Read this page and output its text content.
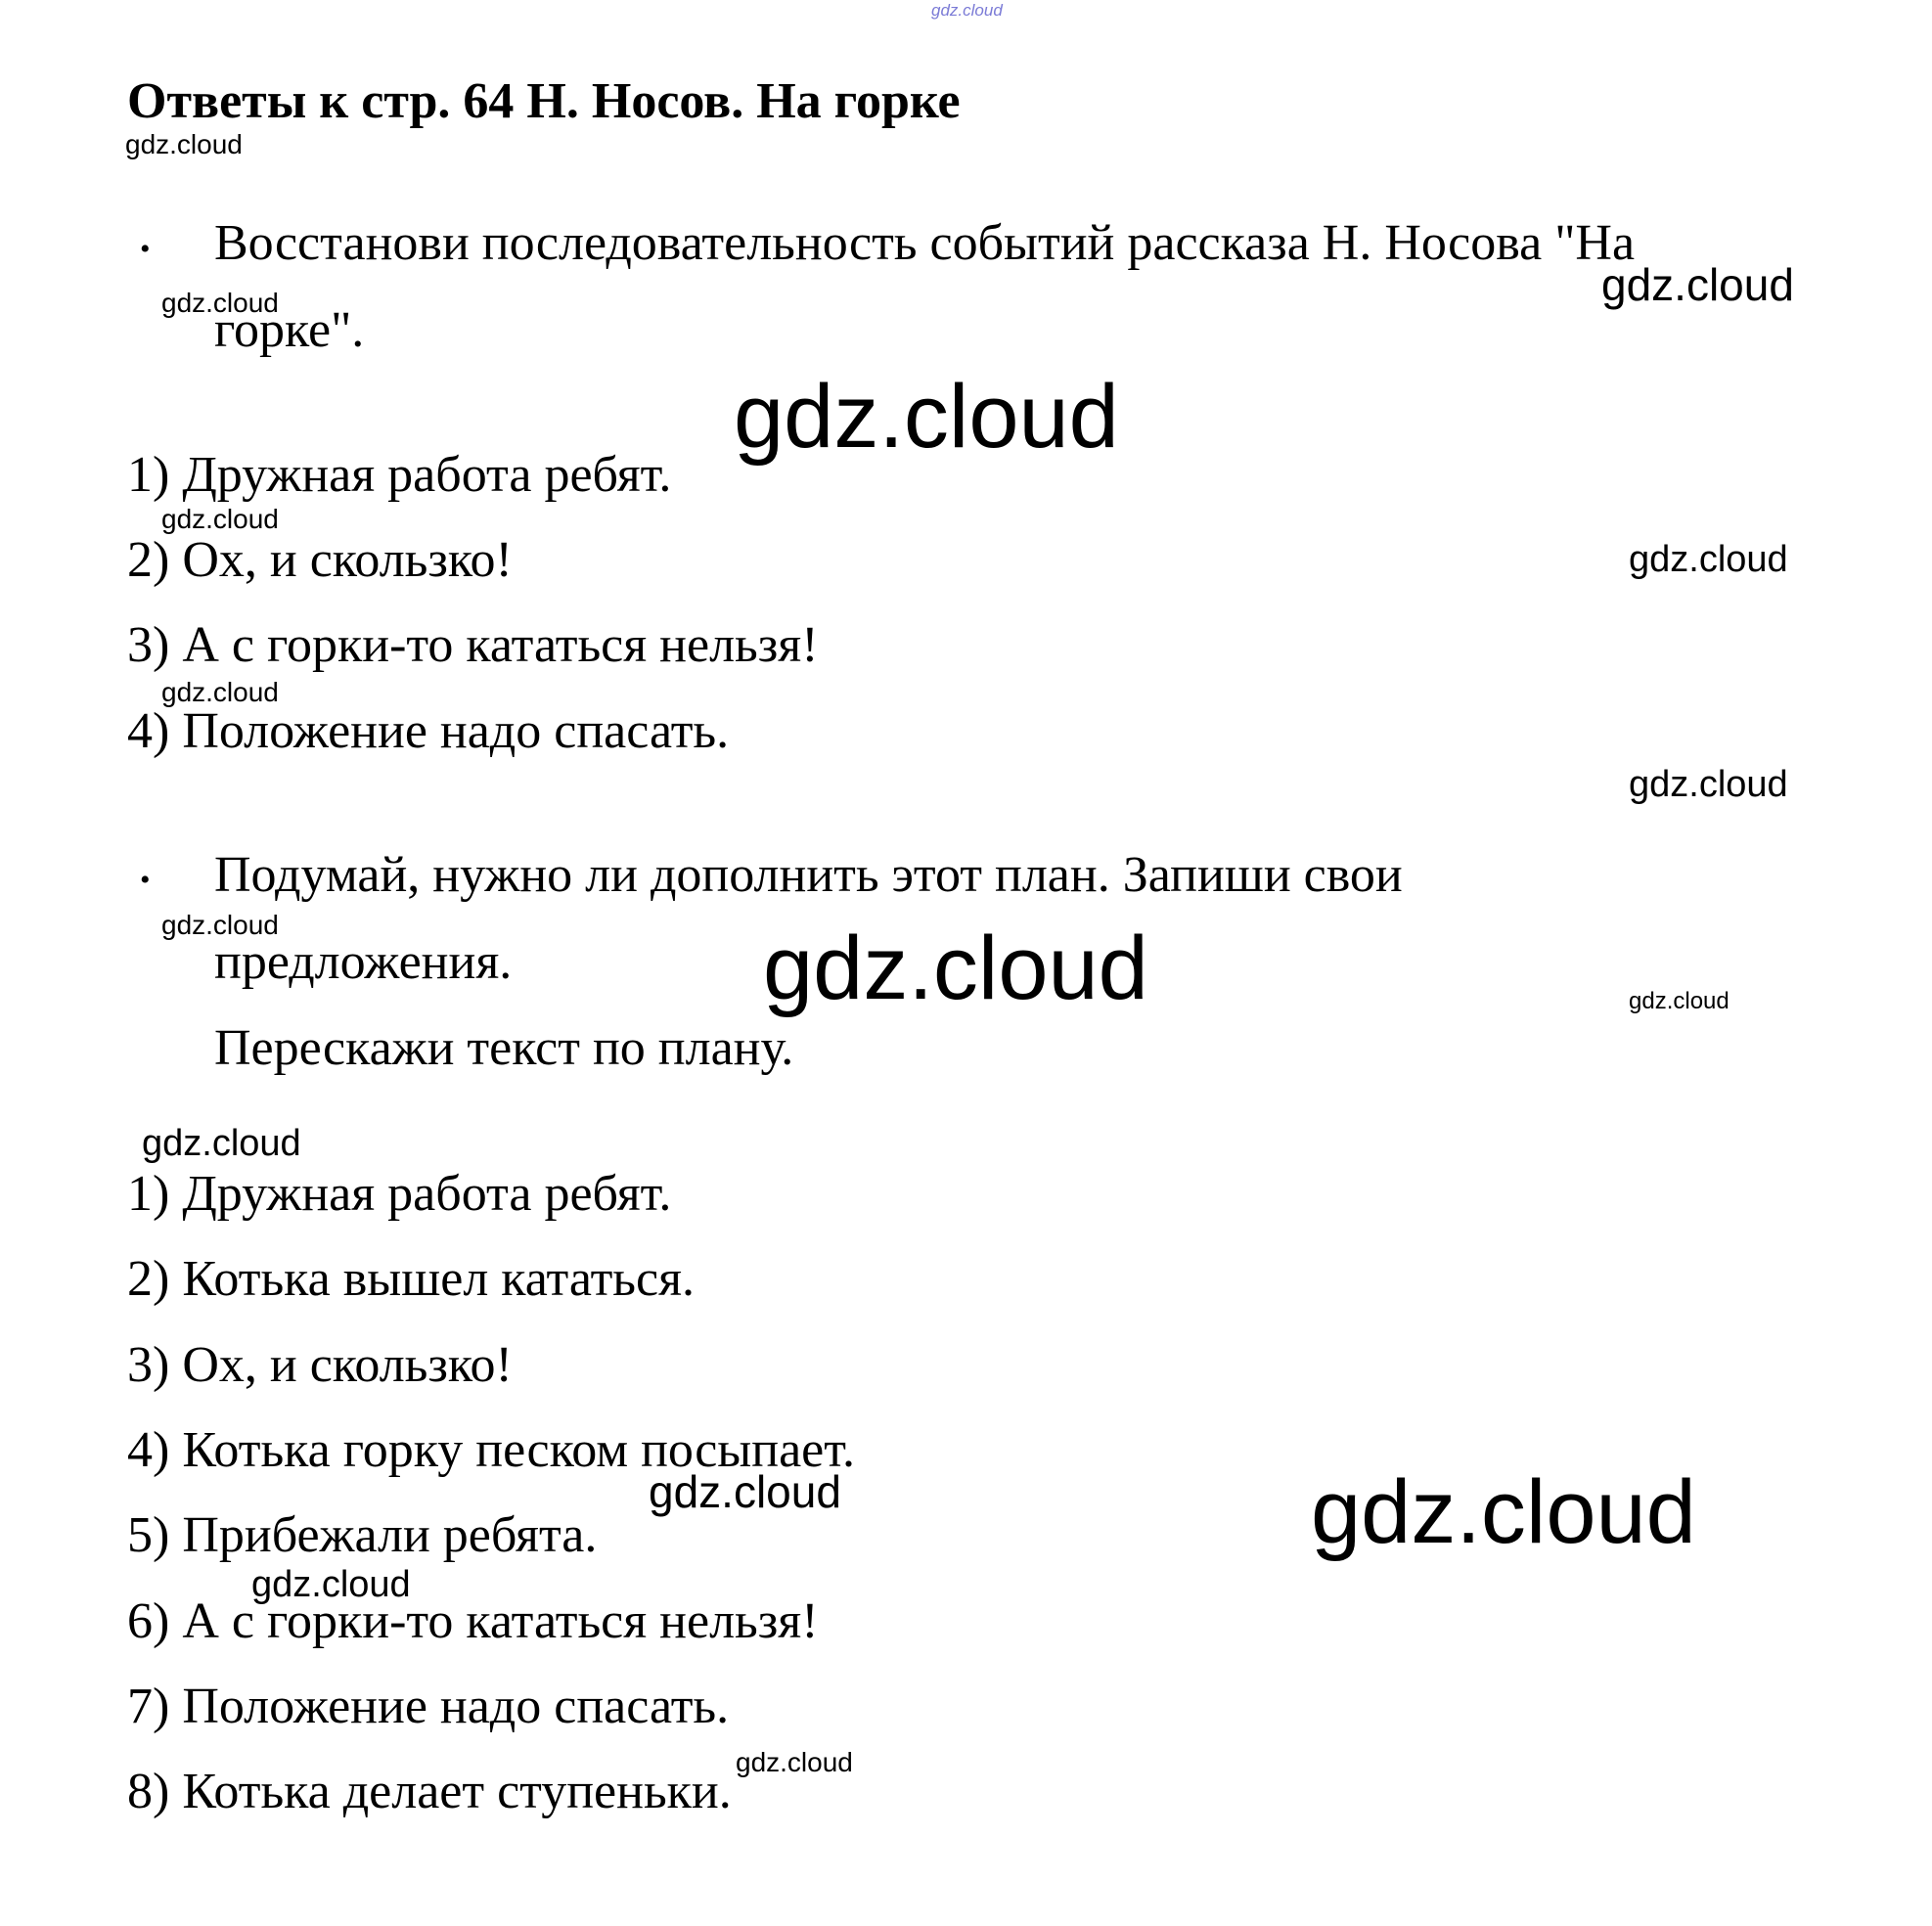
gdz.cloud
Ответы к стр. 64 Н. Носов. На горке
gdz.cloud
• Восстанови последовательность событий рассказа Н. Носова "На
gdz.cloud
gdz.cloud
горке".
gdz.cloud
1) Дружная работа ребят.
gdz.cloud
2) Ох, и скользко!	gdz.cloud
3) А с горки-то кататься нельзя!
gdz.cloud
4) Положение надо спасать.
gdz.cloud
• Подумай, нужно ли дополнить этот план. Запиши свои
gdz.cloud
предложения.	gdz.cloud	gdz.cloud
Перескажи текст по плану.
gdz.cloud
1) Дружная работа ребят.
2) Котька вышел кататься.
3) Ох, и скользко!
4) Котька горку песком посыпает.
gdz.cloud	gdz.cloud
5) Прибежали ребята.
gdz.cloud
6) А с горки-то кататься нельзя!
7) Положение надо спасать.
gdz.cloud
8) Котька делает ступеньки.
